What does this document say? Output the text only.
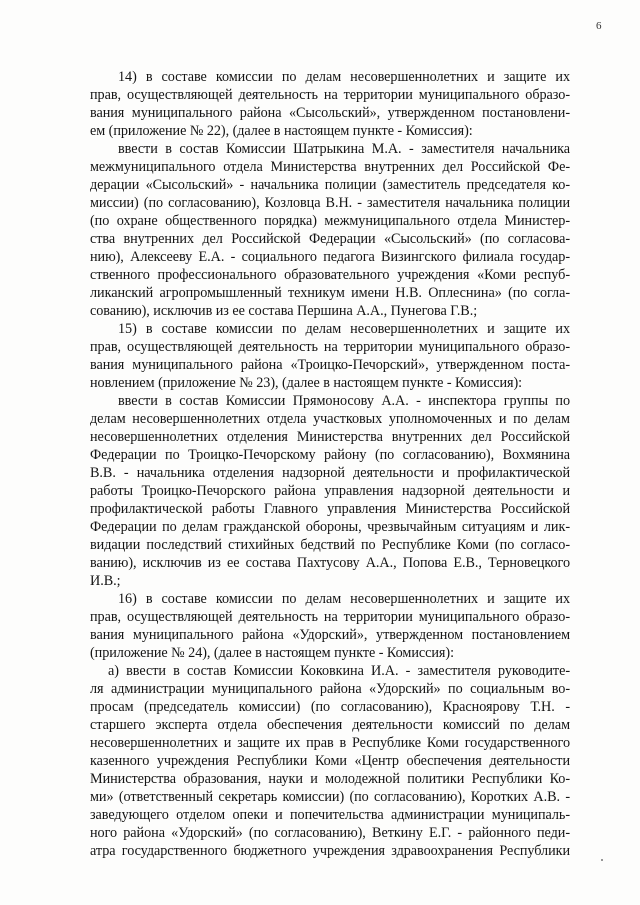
6
14) в составе комиссии по делам несовершеннолетних и защите их
прав, осуществляющей деятельность на территории муниципального образо-
вания муниципального района «Сысольский», утвержденном постановлени-
ем (приложение № 22), (далее в настоящем пункте - Комиссия):
ввести в состав Комиссии Шатрыкина М.А. - заместителя начальника
межмуниципального отдела Министерства внутренних дел Российской Фе-
дерации «Сысольский» - начальника полиции (заместитель председателя ко-
миссии) (по согласованию), Козловца В.Н. - заместителя начальника полиции
(по охране общественного порядка) межмуниципального отдела Министер-
ства внутренних дел Российской Федерации «Сысольский» (по согласова-
нию), Алексееву Е.А. - социального педагога Визингского филиала государ-
ственного профессионального образовательного учреждения «Коми респуб-
ликанский агропромышленный техникум имени Н.В. Оплеснина» (по согла-
сованию), исключив из ее состава Першина А.А., Пунегова Г.В.;
15) в составе комиссии по делам несовершеннолетних и защите их
прав, осуществляющей деятельность на территории муниципального образо-
вания муниципального района «Троицко-Печорский», утвержденном поста-
новлением (приложение № 23), (далее в настоящем пункте - Комиссия):
ввести в состав Комиссии Прямоносову А.А. - инспектора группы по
делам несовершеннолетних отдела участковых уполномоченных и по делам
несовершеннолетних отделения Министерства внутренних дел Российской
Федерации по Троицко-Печорскому району (по согласованию), Вохмянина
В.В. - начальника отделения надзорной деятельности и профилактической
работы Троицко-Печорского района управления надзорной деятельности и
профилактической работы Главного управления Министерства Российской
Федерации по делам гражданской обороны, чрезвычайным ситуациям и лик-
видации последствий стихийных бедствий по Республике Коми (по согласо-
ванию), исключив из ее состава Пахтусову А.А., Попова Е.В., Терновецкого
И.В.;
16) в составе комиссии по делам несовершеннолетних и защите их
прав, осуществляющей деятельность на территории муниципального образо-
вания муниципального района «Удорский», утвержденном постановлением
(приложение № 24), (далее в настоящем пункте - Комиссия):
а) ввести в состав Комиссии Коковкина И.А. - заместителя руководите-
ля администрации муниципального района «Удорский» по социальным во-
просам (председатель комиссии) (по согласованию), Красноярову Т.Н. -
старшего эксперта отдела обеспечения деятельности комиссий по делам
несовершеннолетних и защите их прав в Республике Коми государственного
казенного учреждения Республики Коми «Центр обеспечения деятельности
Министерства образования, науки и молодежной политики Республики Ко-
ми» (ответственный секретарь комиссии) (по согласованию), Коротких А.В. -
заведующего отделом опеки и попечительства администрации муниципаль-
ного района «Удорский» (по согласованию), Веткину Е.Г. - районного педи-
атра государственного бюджетного учреждения здравоохранения Республики
